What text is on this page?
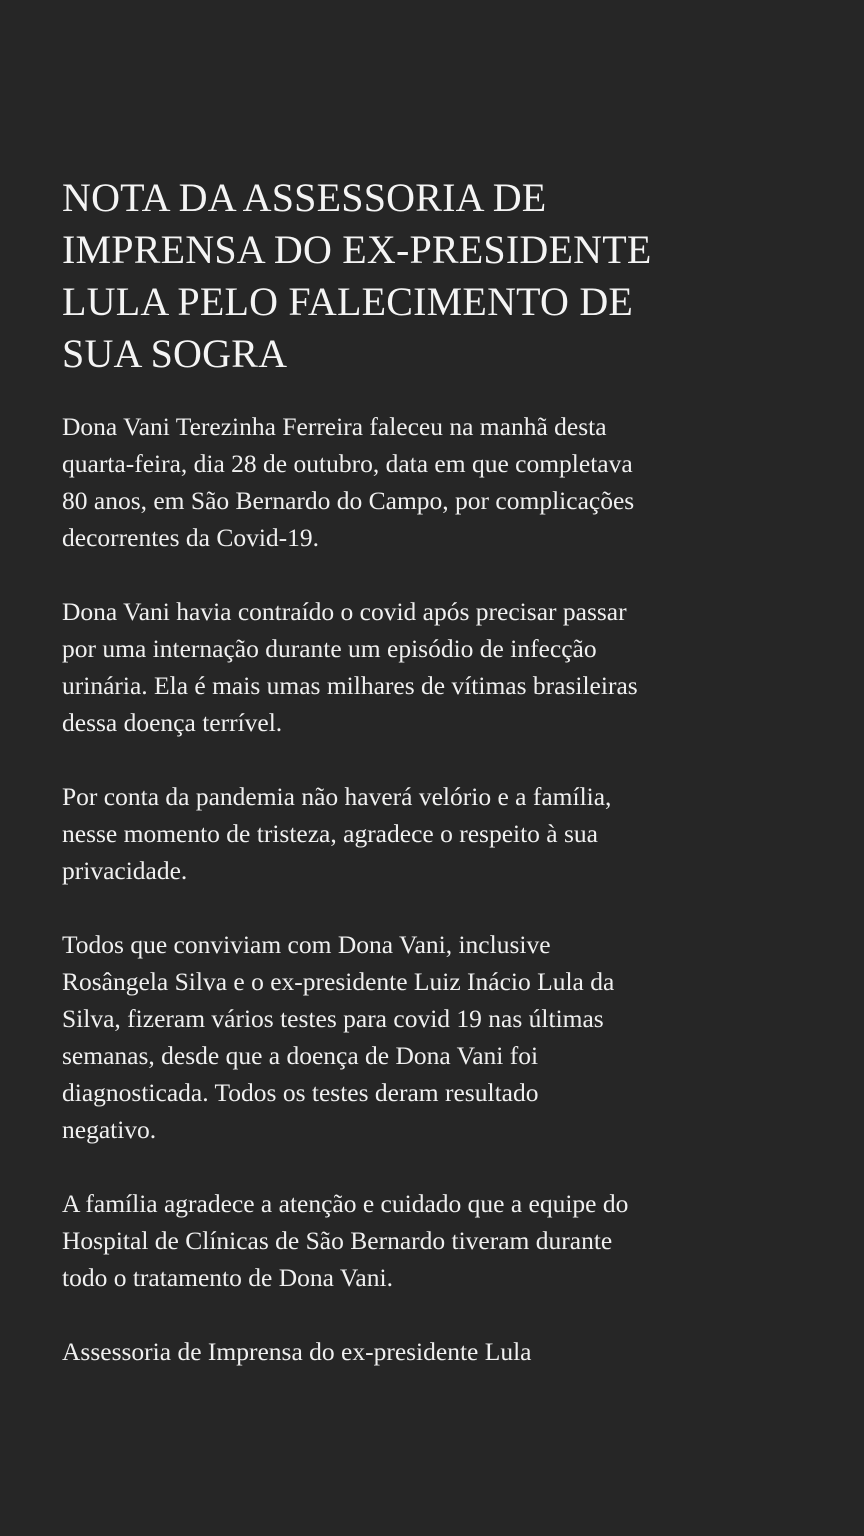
NOTA DA ASSESSORIA DE
IMPRENSA DO EX-PRESIDENTE
LULA PELO FALECIMENTO DE
SUA SOGRA

Dona Vani Terezinha Ferreira faleceu na manhã desta
quarta-feira, dia 28 de outubro, data em que completava
80 anos, em São Bernardo do Campo, por complicações
decorrentes da Covid-19.

Dona Vani havia contraído o covid após precisar passar
por uma internação durante um episódio de infecção
urinária. Ela é mais umas milhares de vítimas brasileiras
dessa doença terrível.

Por conta da pandemia não haverá velório e a família,
nesse momento de tristeza, agradece o respeito à sua
privacidade.

Todos que conviviam com Dona Vani, inclusive
Rosângela Silva e o ex-presidente Luiz Inácio Lula da
Silva, fizeram vários testes para covid 19 nas últimas
semanas, desde que a doença de Dona Vani foi
diagnosticada. Todos os testes deram resultado
negativo.

A família agradece a atenção e cuidado que a equipe do
Hospital de Clínicas de São Bernardo tiveram durante
todo o tratamento de Dona Vani.

Assessoria de Imprensa do ex-presidente Lula
